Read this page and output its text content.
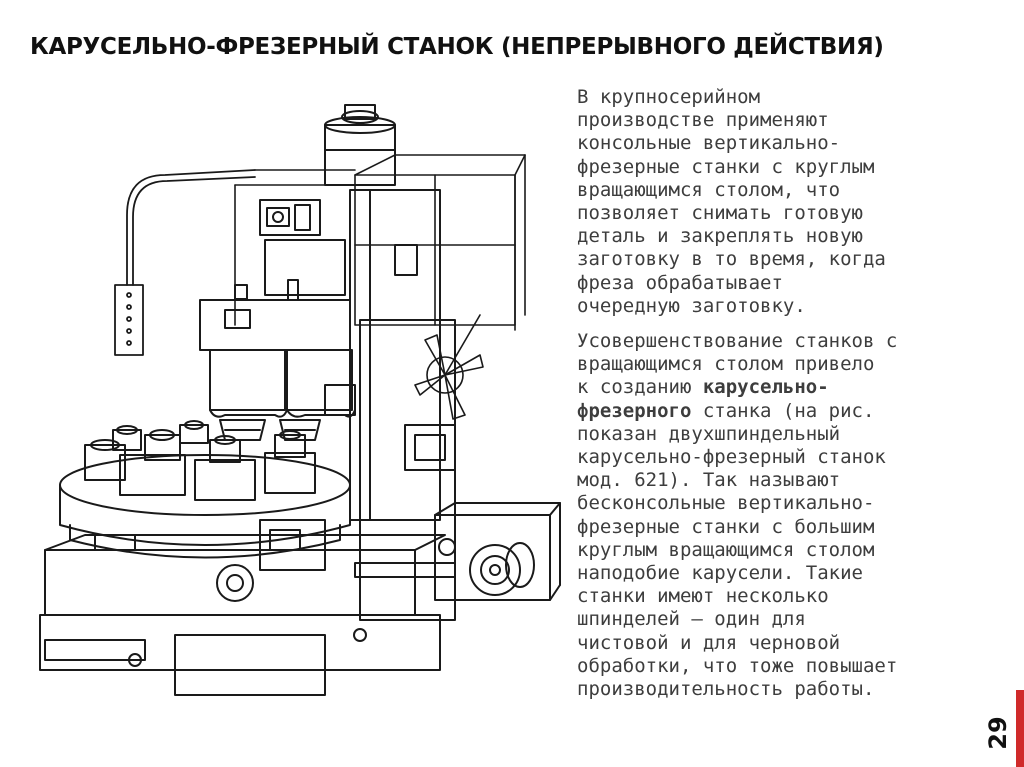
КАРУСЕЛЬНО-ФРЕЗЕРНЫЙ СТАНОК (НЕПРЕРЫВНОГО ДЕЙСТВИЯ)
В крупносерийном
производстве применяют
консольные вертикально-
фрезерные станки с круглым
вращающимся столом, что
позволяет снимать готовую
деталь и закреплять новую
заготовку в то время, когда
фреза обрабатывает
очередную заготовку.
Усовершенствование станков с
вращающимся столом привело
к созданию карусельно-
фрезерного станка (на рис.
показан двухшпиндельный
карусельно-фрезерный станок
мод. 621). Так называют
бесконсольные вертикально-
фрезерные станки с большим
круглым вращающимся столом
наподобие карусели. Такие
станки имеют несколько
шпинделей – один для
чистовой и для черновой
обработки, что тоже повышает
производительность работы.
29
